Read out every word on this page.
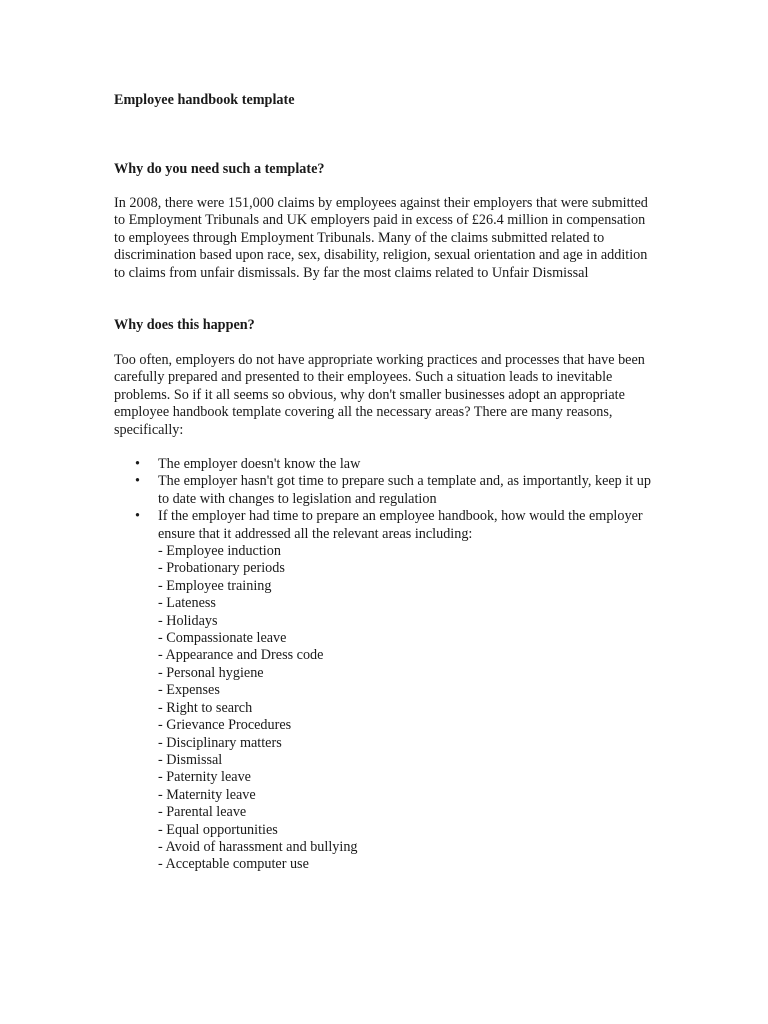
Employee handbook template
Why do you need such a template?

In 2008, there were 151,000 claims by employees against their employers that were submitted to Employment Tribunals and UK employers paid in excess of £26.4 million in compensation to employees through Employment Tribunals. Many of the claims submitted related to discrimination based upon race, sex, disability, religion, sexual orientation and age in addition to claims from unfair dismissals. By far the most claims related to Unfair Dismissal

Why does this happen?

Too often, employers do not have appropriate working practices and processes that have been carefully prepared and presented to their employees. Such a situation leads to inevitable problems. So if it all seems so obvious, why don't smaller businesses adopt an appropriate employee handbook template covering all the necessary areas? There are many reasons, specifically:

• The employer doesn't know the law
• The employer hasn't got time to prepare such a template and, as importantly, keep it up to date with changes to legislation and regulation
• If the employer had time to prepare an employee handbook, how would the employer ensure that it addressed all the relevant areas including:
- Employee induction
- Probationary periods
- Employee training
- Lateness
- Holidays
- Compassionate leave
- Appearance and Dress code
- Personal hygiene
- Expenses
- Right to search
- Grievance Procedures
- Disciplinary matters
- Dismissal
- Paternity leave
- Maternity leave
- Parental leave
- Equal opportunities
- Avoid of harassment and bullying
- Acceptable computer use
